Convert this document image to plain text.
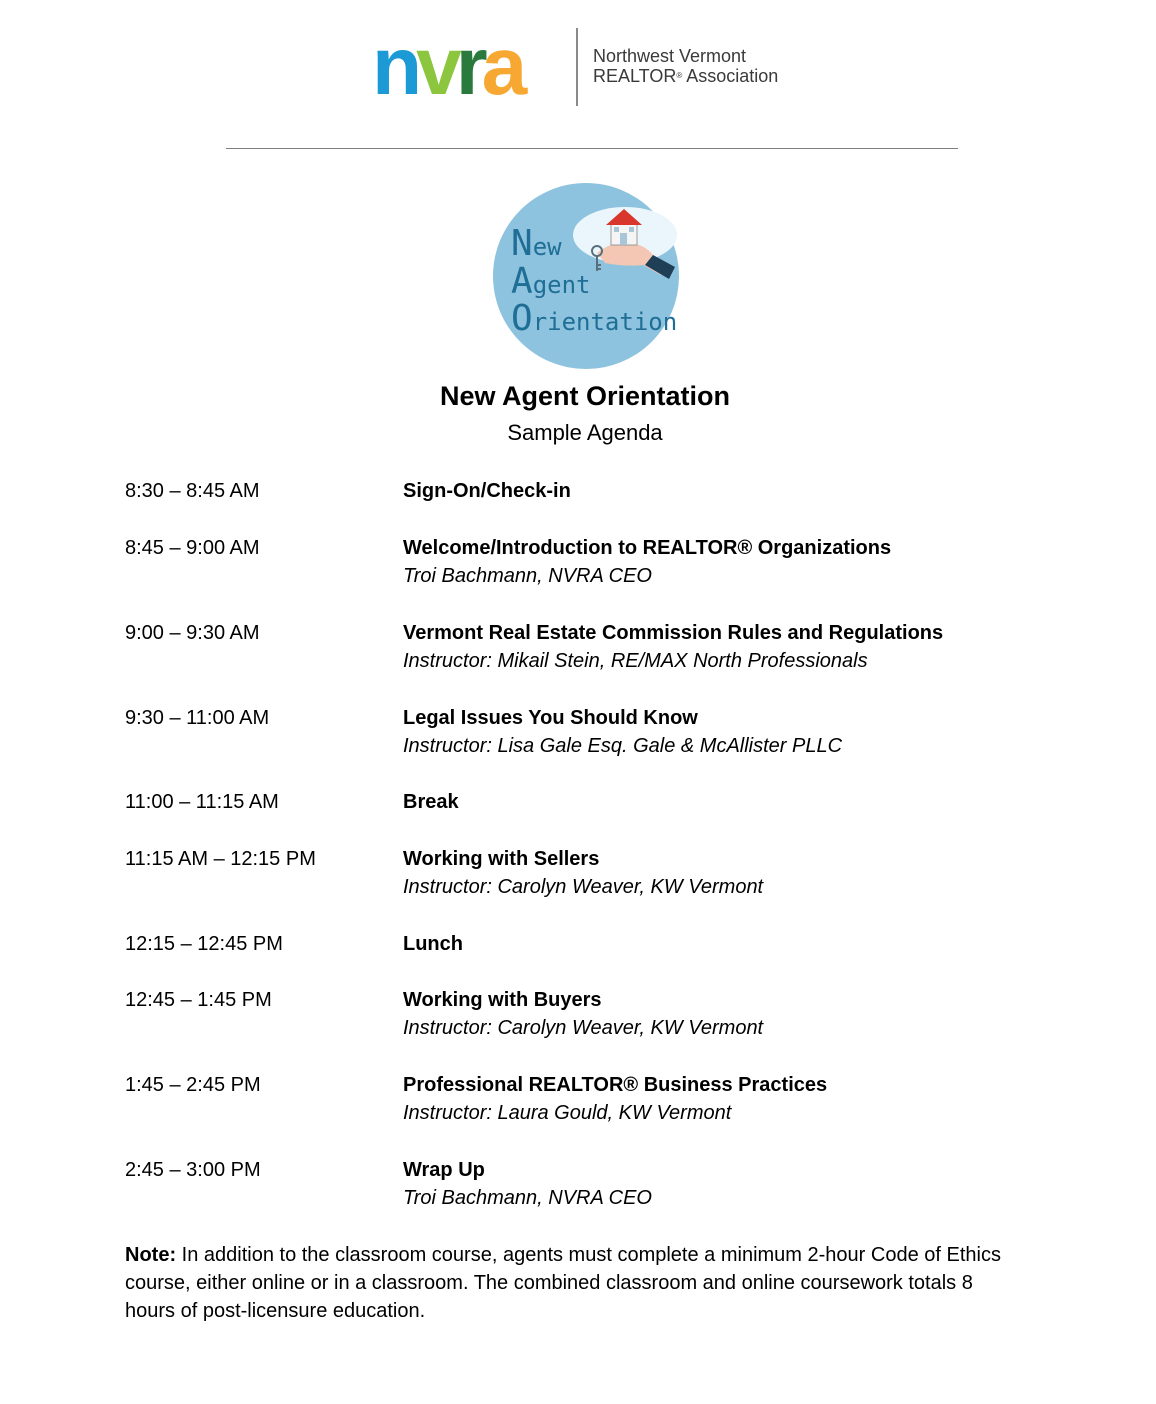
nvra	Northwest Vermont
REALTOR® Association
New
Agent
Orientation
New Agent Orientation
Sample Agenda
8:30 – 8:45 AM	Sign-On/Check-in
8:45 – 9:00 AM	Welcome/Introduction to REALTOR® Organizations
Troi Bachmann, NVRA CEO
9:00 – 9:30 AM	Vermont Real Estate Commission Rules and Regulations
Instructor: Mikail Stein, RE/MAX North Professionals
9:30 – 11:00 AM	Legal Issues You Should Know
Instructor: Lisa Gale Esq. Gale & McAllister PLLC
11:00 – 11:15 AM	Break
11:15 AM – 12:15 PM	Working with Sellers
Instructor: Carolyn Weaver, KW Vermont
12:15 – 12:45 PM	Lunch
12:45 – 1:45 PM	Working with Buyers
Instructor: Carolyn Weaver, KW Vermont
1:45 – 2:45 PM	Professional REALTOR® Business Practices
Instructor: Laura Gould, KW Vermont
2:45 – 3:00 PM	Wrap Up
Troi Bachmann, NVRA CEO
Note: In addition to the classroom course, agents must complete a minimum 2-hour Code of Ethics course, either online or in a classroom. The combined classroom and online coursework totals 8 hours of post-licensure education.
